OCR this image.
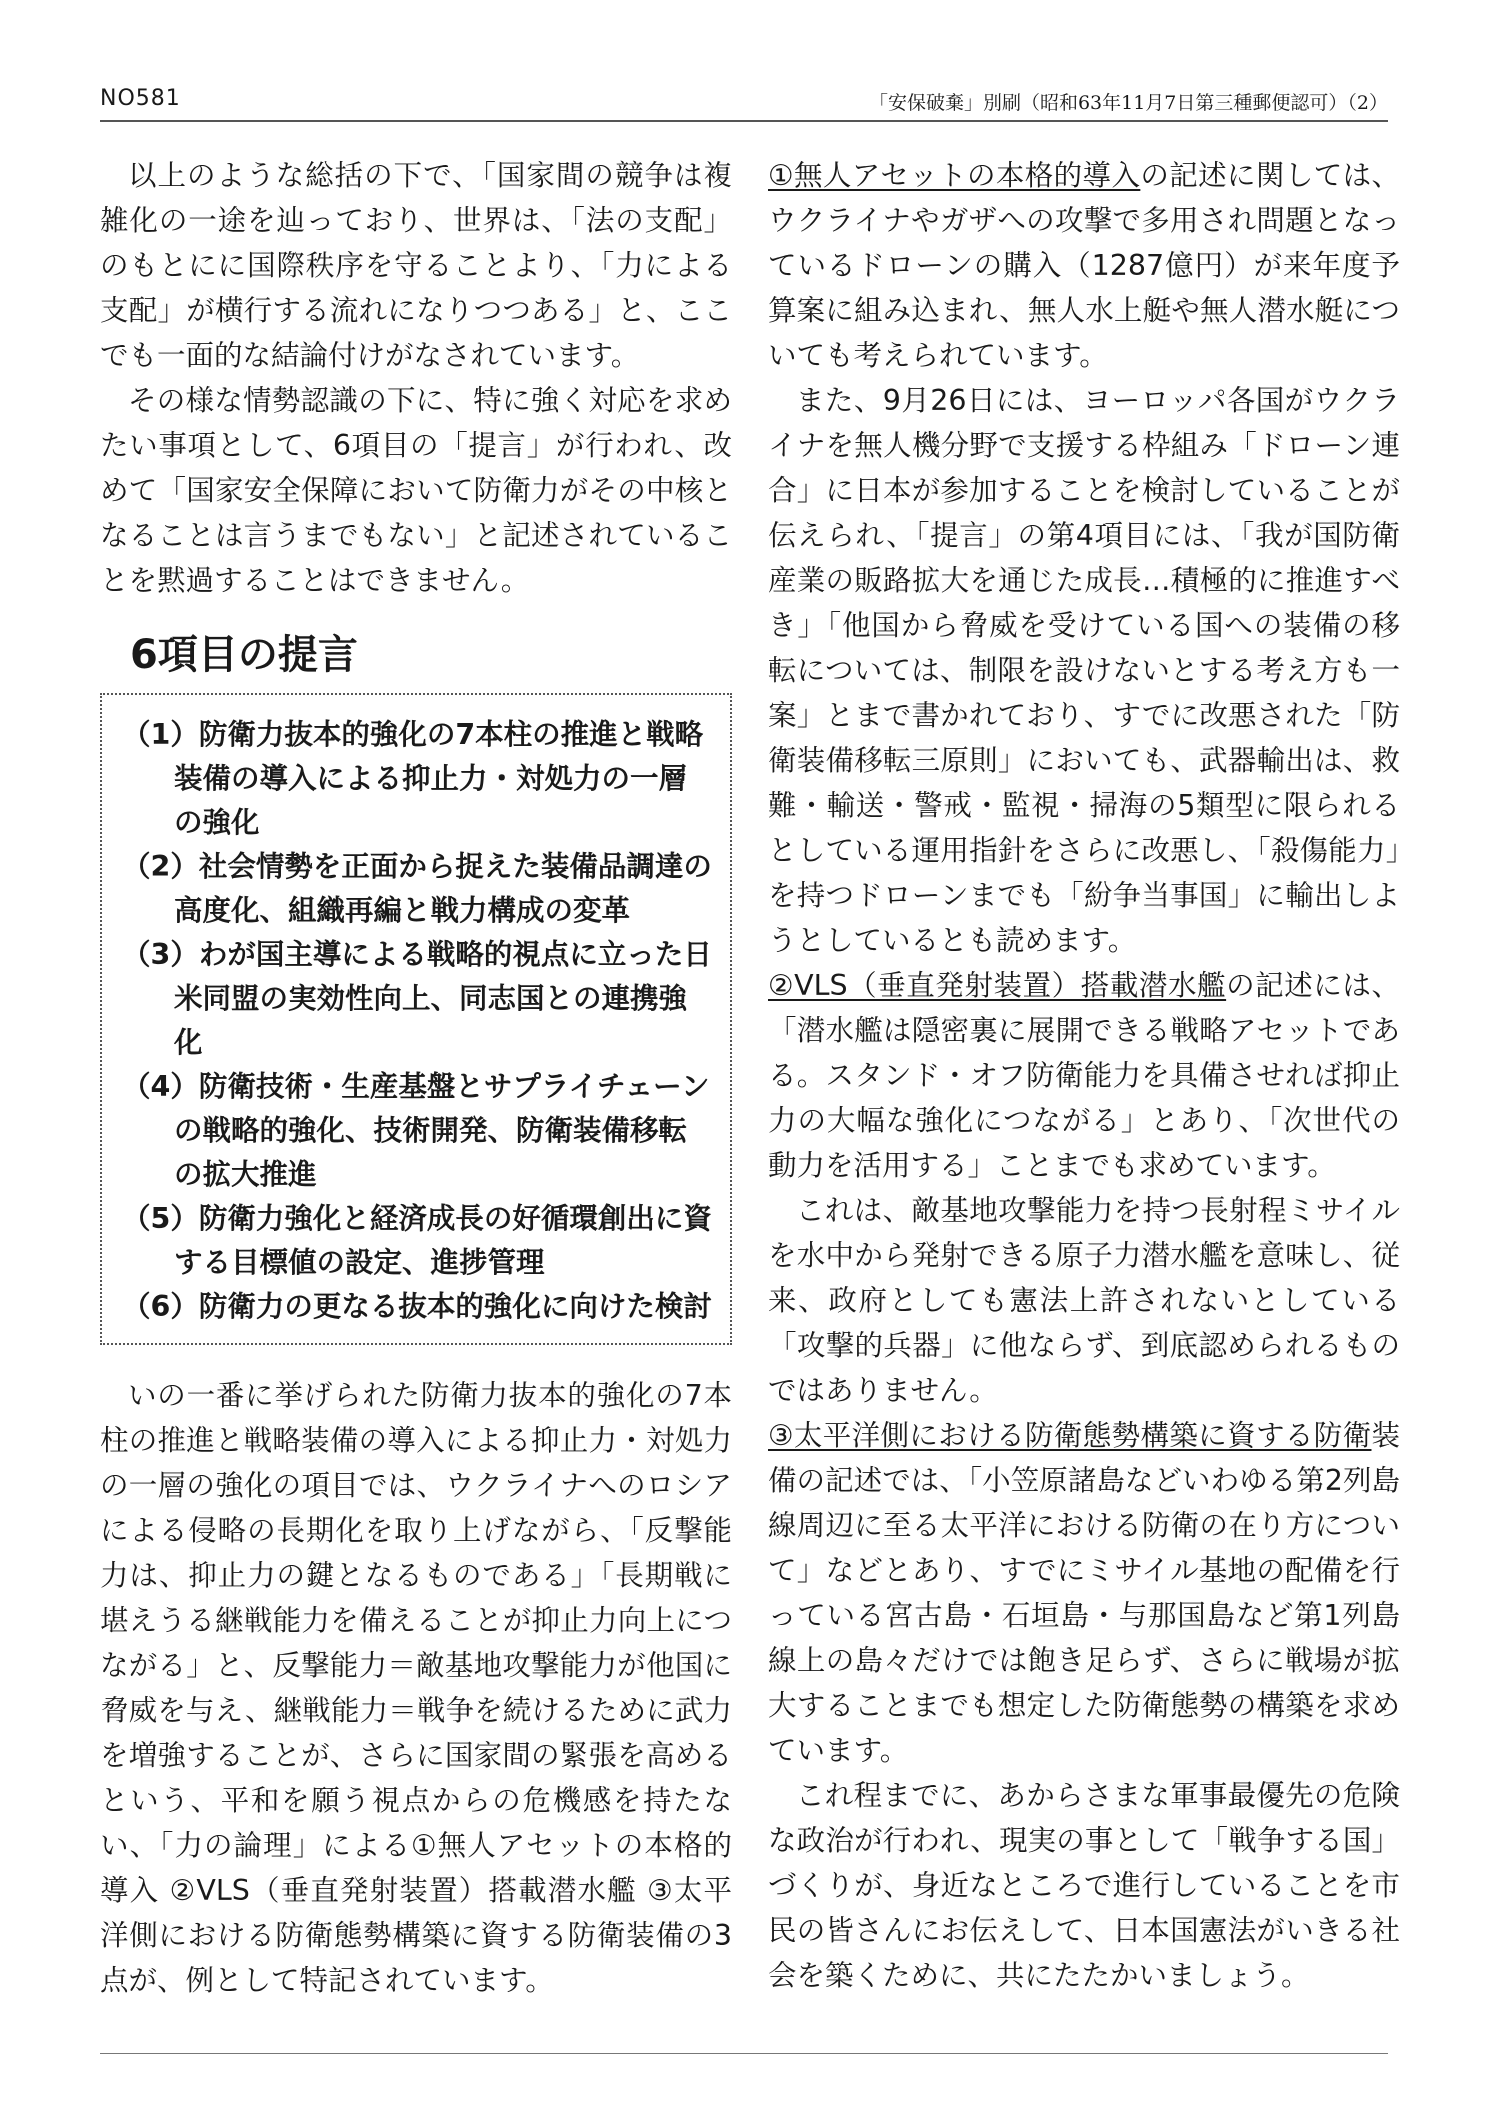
NO581	「安保破棄」別刷（昭和63年11月7日第三種郵便認可）（2）

以上のような総括の下で、「国家間の競争は複雑化の一途を辿っており、世界は、「法の支配」のもとにに国際秩序を守ることより、「力による支配」が横行する流れになりつつある」と、ここでも一面的な結論付けがなされています。

その様な情勢認識の下に、特に強く対応を求めたい事項として、6項目の「提言」が行われ、改めて「国家安全保障において防衛力がその中核となることは言うまでもない」と記述されていることを黙過することはできません。

6項目の提言

（1）防衛力抜本的強化の7本柱の推進と戦略装備の導入による抑止力・対処力の一層の強化

（2）社会情勢を正面から捉えた装備品調達の高度化、組織再編と戦力構成の変革

（3）わが国主導による戦略的視点に立った日米同盟の実効性向上、同志国との連携強化

（4）防衛技術・生産基盤とサプライチェーンの戦略的強化、技術開発、防衛装備移転の拡大推進

（5）防衛力強化と経済成長の好循環創出に資する目標値の設定、進捗管理

（6）防衛力の更なる抜本的強化に向けた検討

いの一番に挙げられた防衛力抜本的強化の7本柱の推進と戦略装備の導入による抑止力・対処力の一層の強化の項目では、ウクライナへのロシアによる侵略の長期化を取り上げながら、「反撃能力は、抑止力の鍵となるものである」「長期戦に堪えうる継戦能力を備えることが抑止力向上につながる」と、反撃能力＝敵基地攻撃能力が他国に脅威を与え、継戦能力＝戦争を続けるために武力を増強することが、さらに国家間の緊張を高めるという、平和を願う視点からの危機感を持たない、「力の論理」による①無人アセットの本格的導入 ②VLS（垂直発射装置）搭載潜水艦 ③太平洋側における防衛態勢構築に資する防衛装備の3点が、例として特記されています。

①無人アセットの本格的導入の記述に関しては、ウクライナやガザへの攻撃で多用され問題となっているドローンの購入（1287億円）が来年度予算案に組み込まれ、無人水上艇や無人潜水艇についても考えられています。

また、9月26日には、ヨーロッパ各国がウクライナを無人機分野で支援する枠組み「ドローン連合」に日本が参加することを検討していることが伝えられ、「提言」の第4項目には、「我が国防衛産業の販路拡大を通じた成長…積極的に推進すべき」「他国から脅威を受けている国への装備の移転については、制限を設けないとする考え方も一案」とまで書かれており、すでに改悪された「防衛装備移転三原則」においても、武器輸出は、救難・輸送・警戒・監視・掃海の5類型に限られるとしている運用指針をさらに改悪し、「殺傷能力」を持つドローンまでも「紛争当事国」に輸出しようとしているとも読めます。

②VLS（垂直発射装置）搭載潜水艦の記述には、「潜水艦は隠密裏に展開できる戦略アセットである。スタンド・オフ防衛能力を具備させれば抑止力の大幅な強化につながる」とあり、「次世代の動力を活用する」ことまでも求めています。

これは、敵基地攻撃能力を持つ長射程ミサイルを水中から発射できる原子力潜水艦を意味し、従来、政府としても憲法上許されないとしている「攻撃的兵器」に他ならず、到底認められるものではありません。

③太平洋側における防衛態勢構築に資する防衛装備の記述では、「小笠原諸島などいわゆる第2列島線周辺に至る太平洋における防衛の在り方について」などとあり、すでにミサイル基地の配備を行っている宮古島・石垣島・与那国島など第1列島線上の島々だけでは飽き足らず、さらに戦場が拡大することまでも想定した防衛態勢の構築を求めています。

これ程までに、あからさまな軍事最優先の危険な政治が行われ、現実の事として「戦争する国」づくりが、身近なところで進行していることを市民の皆さんにお伝えして、日本国憲法がいきる社会を築くために、共にたたかいましょう。
